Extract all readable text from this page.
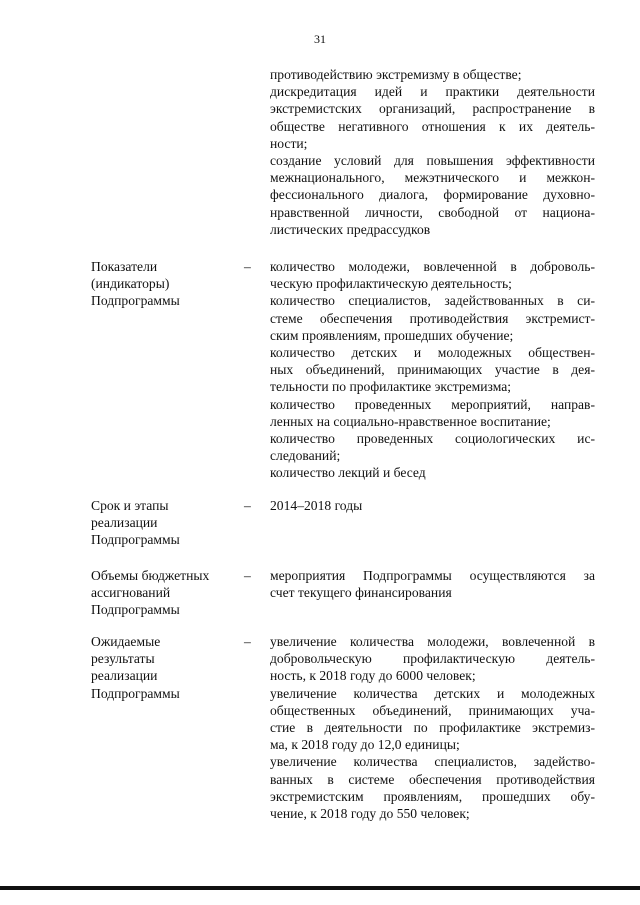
31
противодействию экстремизму в обществе;
дискредитация идей и практики деятельности
экстремистских организаций, распространение в
обществе негативного отношения к их деятель-
ности;
создание условий для повышения эффективности
межнационального, межэтнического и межкон-
фессионального диалога, формирование духовно-
нравственной личности, свободной от национа-
листических предрассудков
Показатели
(индикаторы)
Подпрограммы
– количество молодежи, вовлеченной в доброволь-
ческую профилактическую деятельность;
количество специалистов, задействованных в си-
стеме обеспечения противодействия экстремист-
ским проявлениям, прошедших обучение;
количество детских и молодежных обществен-
ных объединений, принимающих участие в дея-
тельности по профилактике экстремизма;
количество проведенных мероприятий, направ-
ленных на социально-нравственное воспитание;
количество проведенных социологических ис-
следований;
количество лекций и бесед
Срок и этапы
реализации
Подпрограммы
– 2014–2018 годы
Объемы бюджетных
ассигнований
Подпрограммы
– мероприятия Подпрограммы осуществляются за
счет текущего финансирования
Ожидаемые
результаты
реализации
Подпрограммы
– увеличение количества молодежи, вовлеченной в
добровольческую профилактическую деятель-
ность, к 2018 году до 6000 человек;
увеличение количества детских и молодежных
общественных объединений, принимающих уча-
стие в деятельности по профилактике экстремиз-
ма, к 2018 году до 12,0 единицы;
увеличение количества специалистов, задейство-
ванных в системе обеспечения противодействия
экстремистским проявлениям, прошедших обу-
чение, к 2018 году до 550 человек;
